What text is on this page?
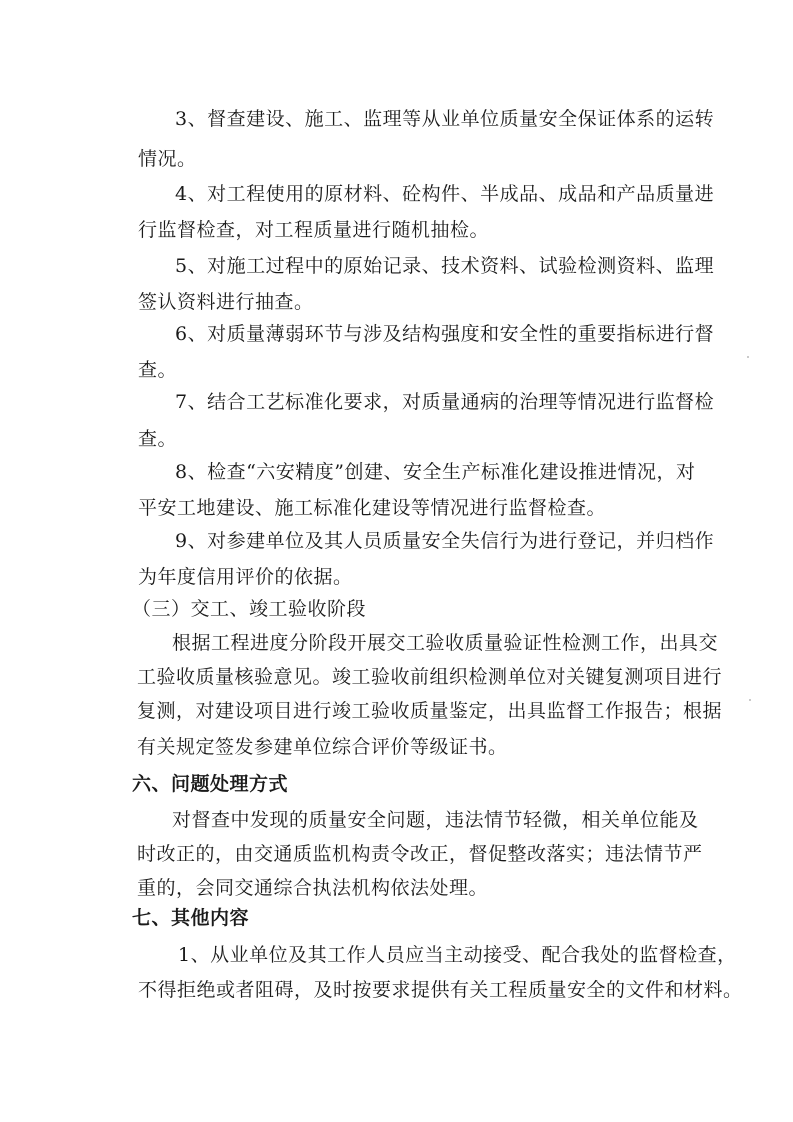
3、督查建设、施工、监理等从业单位质量安全保证体系的运转
情况。
4、对工程使用的原材料、砼构件、半成品、成品和产品质量进
行监督检查，对工程质量进行随机抽检。
5、对施工过程中的原始记录、技术资料、试验检测资料、监理
签认资料进行抽查。
6、对质量薄弱环节与涉及结构强度和安全性的重要指标进行督
查。
7、结合工艺标准化要求，对质量通病的治理等情况进行监督检
查。
8、检查“六安精度”创建、安全生产标准化建设推进情况，对
平安工地建设、施工标准化建设等情况进行监督检查。
9、对参建单位及其人员质量安全失信行为进行登记，并归档作
为年度信用评价的依据。
（三）交工、竣工验收阶段
根据工程进度分阶段开展交工验收质量验证性检测工作，出具交
工验收质量核验意见。竣工验收前组织检测单位对关键复测项目进行
复测，对建设项目进行竣工验收质量鉴定，出具监督工作报告；根据
有关规定签发参建单位综合评价等级证书。
六、问题处理方式
对督查中发现的质量安全问题，违法情节轻微，相关单位能及
时改正的，由交通质监机构责令改正，督促整改落实；违法情节严
重的，会同交通综合执法机构依法处理。
七、其他内容
1、从业单位及其工作人员应当主动接受、配合我处的监督检查，
不得拒绝或者阻碍，及时按要求提供有关工程质量安全的文件和材料。
